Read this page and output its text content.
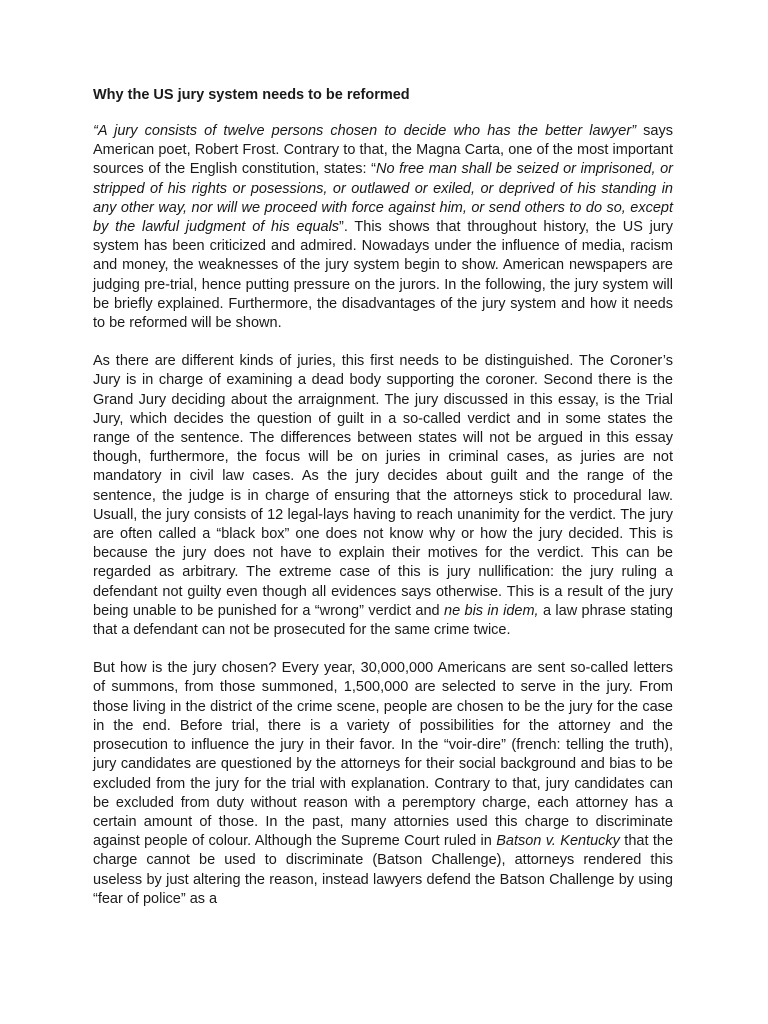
Why the US jury system needs to be reformed

“A jury consists of twelve persons chosen to decide who has the better lawyer” says American poet, Robert Frost. Contrary to that, the Magna Carta, one of the most important sources of the English constitution, states: “No free man shall be seized or imprisoned, or stripped of his rights or posessions, or outlawed or exiled, or deprived of his standing in any other way, nor will we proceed with force against him, or send others to do so, except by the lawful judgment of his equals”. This shows that throughout history, the US jury system has been criticized and admired. Nowadays under the influence of media, racism and money, the weaknesses of the jury system begin to show. American newspapers are judging pre-trial, hence putting pressure on the jurors. In the following, the jury system will be briefly explained. Furthermore, the disadvantages of the jury system and how it needs to be reformed will be shown.

As there are different kinds of juries, this first needs to be distinguished. The Coroner’s Jury is in charge of examining a dead body supporting the coroner. Second there is the Grand Jury deciding about the arraignment. The jury discussed in this essay, is the Trial Jury, which decides the question of guilt in a so-called verdict and in some states the range of the sentence. The differences between states will not be argued in this essay though, furthermore, the focus will be on juries in criminal cases, as juries are not mandatory in civil law cases. As the jury decides about guilt and the range of the sentence, the judge is in charge of ensuring that the attorneys stick to procedural law. Usuall, the jury consists of 12 legal-lays having to reach unanimity for the verdict. The jury are often called a “black box” one does not know why or how the jury decided. This is because the jury does not have to explain their motives for the verdict. This can be regarded as arbitrary. The extreme case of this is jury nullification: the jury ruling a defendant not guilty even though all evidences says otherwise. This is a result of the jury being unable to be punished for a “wrong” verdict and ne bis in idem, a law phrase stating that a defendant can not be prosecuted for the same crime twice.

But how is the jury chosen? Every year, 30,000,000 Americans are sent so-called letters of summons, from those summoned, 1,500,000 are selected to serve in the jury. From those living in the district of the crime scene, people are chosen to be the jury for the case in the end. Before trial, there is a variety of possibilities for the attorney and the prosecution to influence the jury in their favor. In the “voir-dire” (french: telling the truth), jury candidates are questioned by the attorneys for their social background and bias to be excluded from the jury for the trial with explanation. Contrary to that, jury candidates can be excluded from duty without reason with a peremptory charge, each attorney has a certain amount of those. In the past, many attornies used this charge to discriminate against people of colour. Although the Supreme Court ruled in Batson v. Kentucky that the charge cannot be used to discriminate (Batson Challenge), attorneys rendered this useless by just altering the reason, instead lawyers defend the Batson Challenge by using “fear of police” as a
